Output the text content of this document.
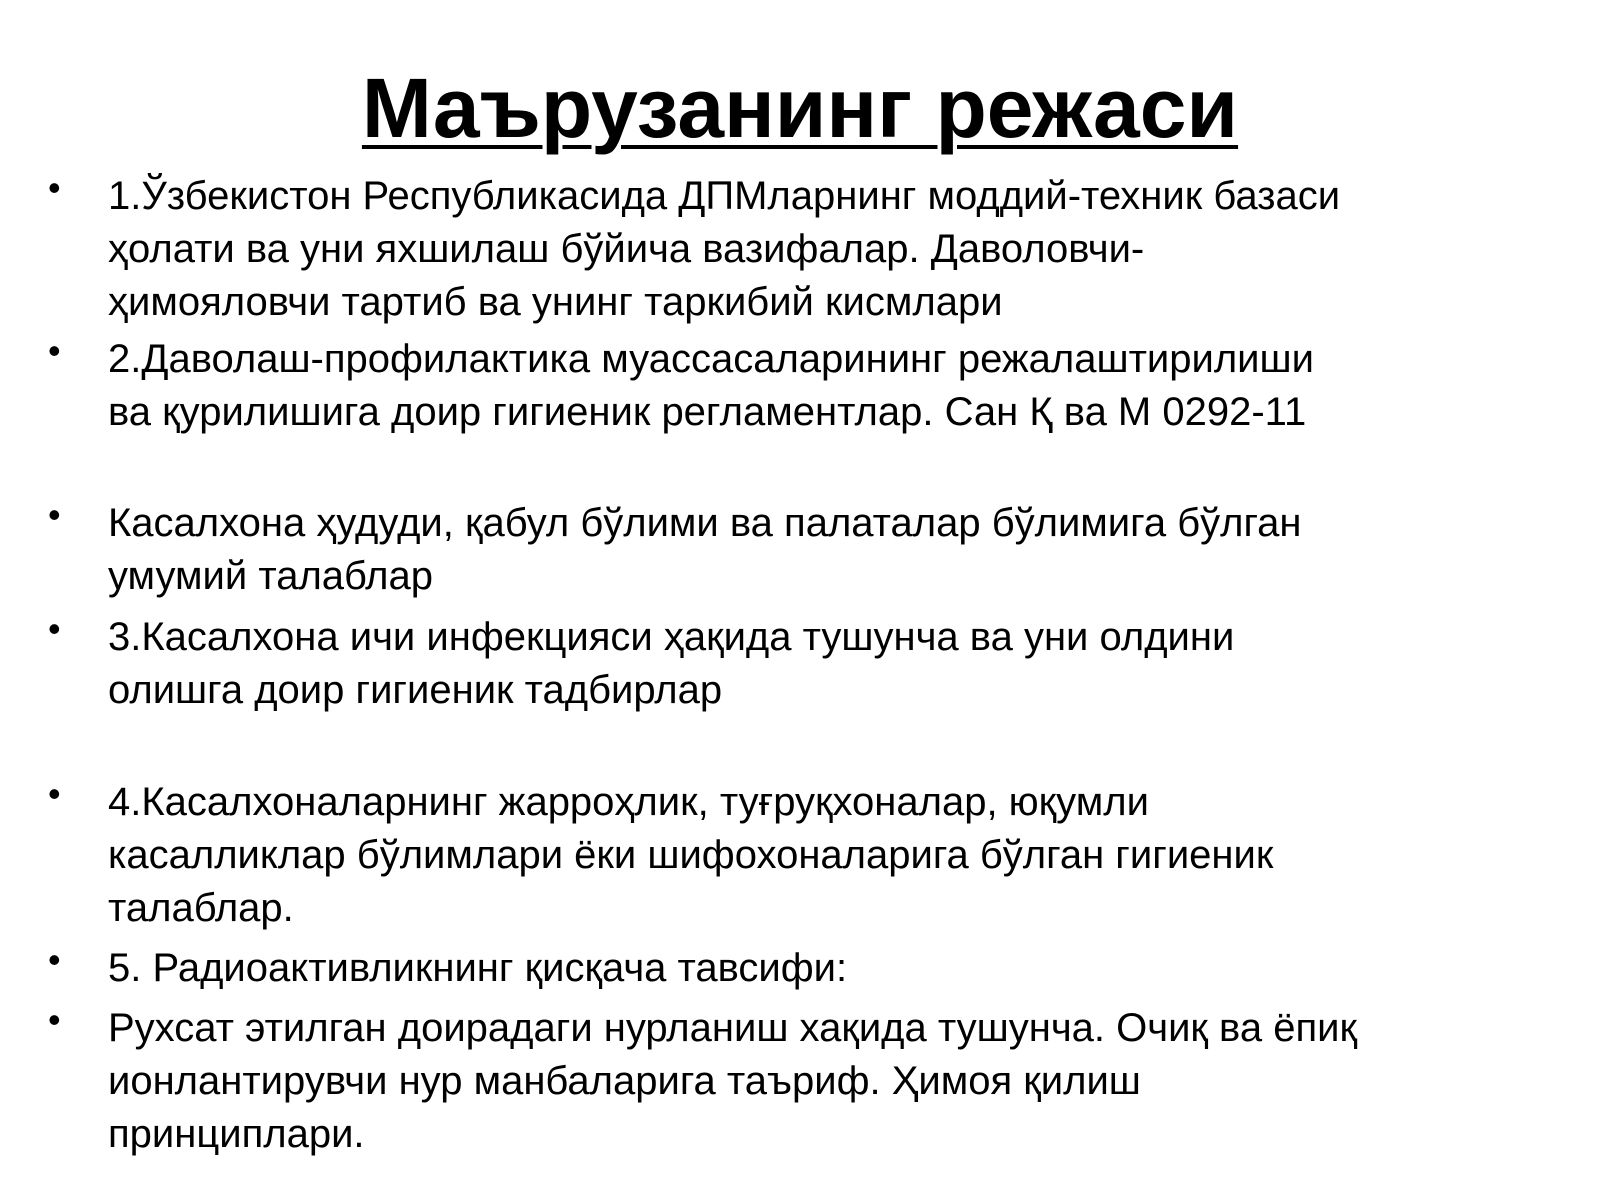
Маърузанинг режаси
• 1.Ўзбекистон Республикасида ДПМларнинг моддий-техник базаси
ҳолати ва уни яхшилаш бўйича вазифалар. Даволовчи-
ҳимояловчи тартиб ва унинг таркибий кисмлари
• 2.Даволаш-профилактика муассасаларининг режалаштирилиши
ва қурилишига доир гигиеник регламентлар. Сан Қ ва М 0292-11
• Касалхона ҳудуди, қабул бўлими ва палаталар бўлимига бўлган
умумий талаблар
• 3.Касалхона ичи инфекцияси ҳақида тушунча ва уни олдини
олишга доир гигиеник тадбирлар
• 4.Касалхоналарнинг жарроҳлик, туғруқхоналар, юқумли
касалликлар бўлимлари ёки шифохоналарига бўлган гигиеник
талаблар.
• 5. Радиоактивликнинг қисқача тавсифи:
• Рухсат этилган доирадаги нурланиш хақида тушунча. Очиқ ва ёпиқ
ионлантирувчи нур манбаларига таъриф. Ҳимоя қилиш
принциплари.
